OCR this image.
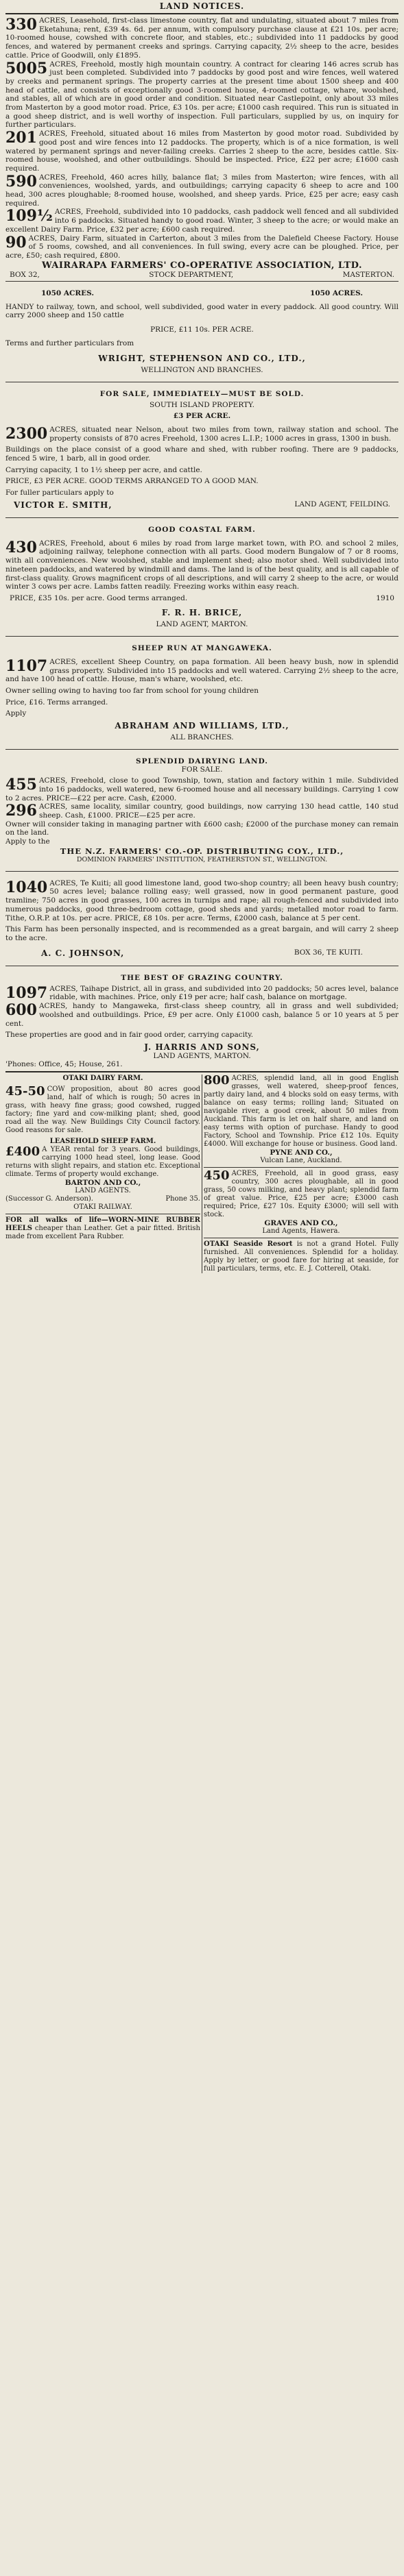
LAND NOTICES.
330 ACRES, Leasehold, first-class limestone country, flat and undulating, situated about 7 miles from Eketahuna; rent, £39 4s. 6d. per annum, with compulsory purchase clause at £21 10s. per acre; 10-roomed house, cowshed with concrete floor, and stables, etc.; subdivided into 11 paddocks by good fences, and watered by permanent creeks and springs. Carrying capacity, 2½ sheep to the acre, besides cattle. Price of Goodwill, only £1895.
5005 ACRES, Freehold, mostly high mountain country. A contract for clearing 146 acres scrub has just been completed. Subdivided into 7 paddocks by good post and wire fences, well watered by creeks and permanent springs. The property carries at the present time about 1500 sheep and 400 head of cattle, and consists of exceptionally good 3-roomed house, 4-roomed cottage, whare, woolshed, and stables, all of which are in good order and condition. Situated near Castlepoint, only about 33 miles from Masterton by a good motor road. Price, £3 10s. per acre; £1000 cash required. This run is situated in a good sheep district, and is well worthy of inspection. Full particulars, supplied by us, on inquiry for further particulars.
201 ACRES, Freehold, situated about 16 miles from Masterton by good motor road. Subdivided by good post and wire fences into 12 paddocks. The property, which is of a nice formation, is well watered by permanent springs and never-failing creeks. Carries 2 sheep to the acre, besides cattle. Six-roomed house, woolshed, and other outbuildings. Should be inspected. Price, £22 per acre; £1600 cash required.
590 ACRES, Freehold, 460 acres hilly, balance flat; 3 miles from Masterton; wire fences, with all conveniences, woolshed, yards, and outbuildings; carrying capacity 6 sheep to acre and 100 head, 300 acres ploughable; 8-roomed house, woolshed, and sheep yards. Price, £25 per acre; easy cash required.
109½ ACRES, Freehold, subdivided into 10 paddocks, cash paddock well fenced and all subdivided into 6 paddocks. Situated handy to good road. Winter, 3 sheep to the acre; or would make an excellent Dairy Farm. Price, £32 per acre; £600 cash required.
90 ACRES, Dairy Farm, situated in Carterton, about 3 miles from the Dalefield Cheese Factory. House of 5 rooms, cowshed, and all conveniences. In full swing, every acre can be ploughed. Price, per acre, £50; cash required, £800.
WAIRARAPA FARMERS' CO-OPERATIVE ASSOCIATION, LTD.
BOX 32,	STOCK DEPARTMENT,	MASTERTON.
1050 ACRES.	1050 ACRES.
HANDY to railway, town, and school, well subdivided, good water in every paddock. All good country. Will carry 2000 sheep and 150 cattle
PRICE, £11 10s. PER ACRE.
Terms and further particulars from
WRIGHT, STEPHENSON AND CO., LTD.,
WELLINGTON AND BRANCHES.
FOR SALE, IMMEDIATELY—MUST BE SOLD.
SOUTH ISLAND PROPERTY.
£3 PER ACRE.
2300 ACRES, situated near Nelson, about two miles from town, railway station and school. The property consists of 870 acres Freehold, 1300 acres L.I.P.; 1000 acres in grass, 1300 in bush.
Buildings on the place consist of a good whare and shed, with rubber roofing. There are 9 paddocks, fenced 5 wire, 1 barb, all in good order.
Carrying capacity, 1 to 1½ sheep per acre, and cattle.
PRICE, £3 PER ACRE. GOOD TERMS ARRANGED TO A GOOD MAN.
For fuller particulars apply to
VICTOR E. SMITH,	LAND AGENT, FEILDING.
GOOD COASTAL FARM.
430 ACRES, Freehold, about 6 miles by road from large market town, with P.O. and school 2 miles, adjoining railway, telephone connection with all parts. Good modern Bungalow of 7 or 8 rooms, with all conveniences. New woolshed, stable and implement shed; also motor shed. Well subdivided into nineteen paddocks, and watered by windmill and dams. The land is of the best quality, and is all capable of first-class quality. Grows magnificent crops of all descriptions, and will carry 2 sheep to the acre, or would winter 3 cows per acre. Lambs fatten readily. Freezing works within easy reach.
PRICE, £35 10s. per acre. Good terms arranged.	1910
F. R. H. BRICE,
LAND AGENT, MARTON.
SHEEP RUN AT MANGAWEKA.
1107 ACRES, excellent Sheep Country, on papa formation. All been heavy bush, now in splendid grass property. Subdivided into 15 paddocks and well watered. Carrying 2½ sheep to the acre, and have 100 head of cattle. House, man's whare, woolshed, etc.
Owner selling owing to having too far from school for young children
Price, £16. Terms arranged.
Apply
ABRAHAM AND WILLIAMS, LTD.,
ALL BRANCHES.
SPLENDID DAIRYING LAND.
FOR SALE.
455 ACRES, Freehold, close to good Township, town, station and factory within 1 mile. Subdivided into 16 paddocks, well watered, new 6-roomed house and all necessary buildings. Carrying 1 cow to 2 acres. PRICE—£22 per acre. Cash, £2000.
296 ACRES, same locality, similar country, good buildings, now carrying 130 head cattle, 140 stud sheep. Cash, £1000. PRICE—£25 per acre.
Owner will consider taking in managing partner with £600 cash; £2000 of the purchase money can remain on the land.
Apply to the
THE N.Z. FARMERS' CO.-OP. DISTRIBUTING COY., LTD.,
DOMINION FARMERS' INSTITUTION, FEATHERSTON ST., WELLINGTON.
1040 ACRES, Te Kuiti; all good limestone land, good two-shop country; all been heavy bush country; 50 acres level; balance rolling easy; well grassed, now in good permanent pasture, good tramline; 750 acres in good grasses, 100 acres in turnips and rape; all rough-fenced and subdivided into numerous paddocks, good three-bedroom cottage, good sheds and yards; metalled motor road to farm. Tithe, O.R.P. at 10s. per acre. PRICE, £8 10s. per acre. Terms, £2000 cash, balance at 5 per cent.
This Farm has been personally inspected, and is recommended as a great bargain, and will carry 2 sheep to the acre.
A. C. JOHNSON,	BOX 36, TE KUITI.
THE BEST OF GRAZING COUNTRY.
1097 ACRES, Taihape District, all in grass, and subdivided into 20 paddocks; 50 acres level, balance ridable, with machines. Price, only £19 per acre; half cash, balance on mortgage.
600 ACRES, handy to Mangaweka, first-class sheep country, all in grass and well subdivided; woolshed and outbuildings. Price, £9 per acre. Only £1000 cash, balance 5 or 10 years at 5 per cent.
These properties are good and in fair good order, carrying capacity.
J. HARRIS AND SONS,
LAND AGENTS, MARTON.
'Phones: Office, 45; House, 261.
OTAKI DAIRY FARM.
45-50 COW proposition, about 80 acres good land, half of which is rough; 50 acres in grass, with heavy fine grass; good cowshed, rugged factory; fine yard and cow-milking plant; shed, good road all the way. New Buildings City Council factory. Good reasons for sale.
LEASEHOLD SHEEP FARM.
£400 A YEAR rental for 3 years. Good buildings, carrying 1000 head steel, long lease. Good returns with slight repairs, and station etc. Exceptional climate. Terms of property would exchange.
BARTON AND CO.,
LAND AGENTS.
(Successor G. Anderson).	Phone 35.
OTAKI RAILWAY.
FOR all walks of life—WORN-MINE RUBBER HEELS cheaper than Leather. Get a pair fitted. British made from excellent Para Rubber.
800 ACRES, splendid land, all in good English grasses, well watered, sheep-proof fences, partly dairy land, and 4 blocks sold on easy terms, with balance on easy terms; rolling land; Situated on navigable river, a good creek, about 50 miles from Auckland. This farm is let on half share, and land on easy terms with option of purchase. Handy to good Factory, School and Township. Price £12 10s. Equity £4000. Will exchange for house or business. Good land.
PYNE AND CO.,
Vulcan Lane, Auckland.
450 ACRES, Freehold, all in good grass, easy country, 300 acres ploughable, all in good grass, 50 cows milking, and heavy plant; splendid farm of great value. Price, £25 per acre; £3000 cash required; Price, £27 10s. Equity £3000; will sell with stock.
GRAVES AND CO.,
Land Agents, Hawera.
OTAKI Seaside Resort is not a grand Hotel. Fully furnished. All conveniences. Splendid for a holiday. Apply by letter, or good fare for hiring at seaside, for full particulars, terms, etc. E. J. Cotterell, Otaki.
